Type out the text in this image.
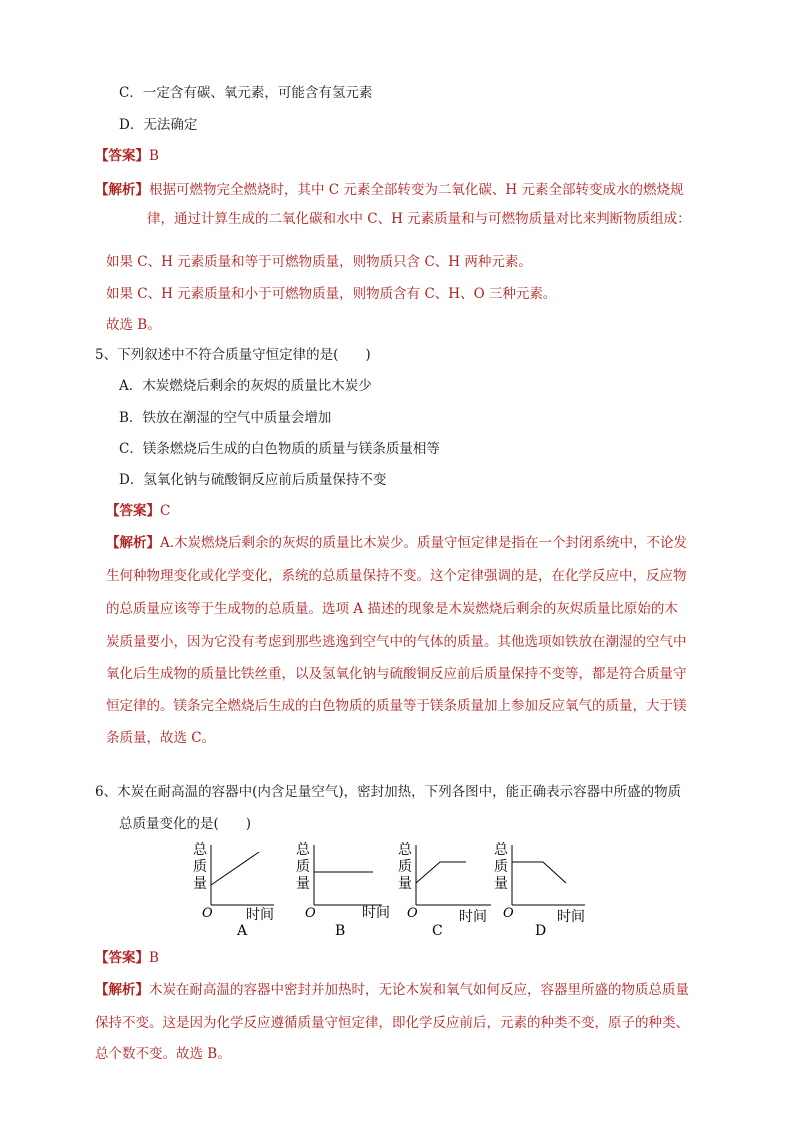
C．一定含有碳、氧元素，可能含有氢元素
D．无法确定
【答案】B
【解析】根据可燃物完全燃烧时，其中 C 元素全部转变为二氧化碳、H 元素全部转变成水的燃烧规
律，通过计算生成的二氧化碳和水中 C、H 元素质量和与可燃物质量对比来判断物质组成：
如果 C、H 元素质量和等于可燃物质量，则物质只含 C、H 两种元素。
如果 C、H 元素质量和小于可燃物质量，则物质含有 C、H、O 三种元素。
故选 B。
5、下列叙述中不符合质量守恒定律的是(　　)
A．木炭燃烧后剩余的灰烬的质量比木炭少
B．铁放在潮湿的空气中质量会增加
C．镁条燃烧后生成的白色物质的质量与镁条质量相等
D．氢氧化钠与硫酸铜反应前后质量保持不变
【答案】C
【解析】A.木炭燃烧后剩余的灰烬的质量比木炭少。质量守恒定律是指在一个封闭系统中，不论发
生何种物理变化或化学变化，系统的总质量保持不变。这个定律强调的是，在化学反应中，反应物
的总质量应该等于生成物的总质量。选项 A 描述的现象是木炭燃烧后剩余的灰烬质量比原始的木
炭质量要小，因为它没有考虑到那些逃逸到空气中的气体的质量。其他选项如铁放在潮湿的空气中
氧化后生成物的质量比铁丝重，以及氢氧化钠与硫酸铜反应前后质量保持不变等，都是符合质量守
恒定律的。镁条完全燃烧后生成的白色物质的质量等于镁条质量加上参加反应氧气的质量，大于镁
条质量，故选 C。
6、木炭在耐高温的容器中(内含足量空气)，密封加热，下列各图中，能正确表示容器中所盛的物质
总质量变化的是(　　)
总
质
量
O 时间
A
总
质
量
O	时间
B
总
质
量
O	时间
C
总
质
量
O	时间
D
【答案】B
【解析】木炭在耐高温的容器中密封并加热时，无论木炭和氧气如何反应，容器里所盛的物质总质量
保持不变。这是因为化学反应遵循质量守恒定律，即化学反应前后，元素的种类不变，原子的种类、
总个数不变。故选 B。
